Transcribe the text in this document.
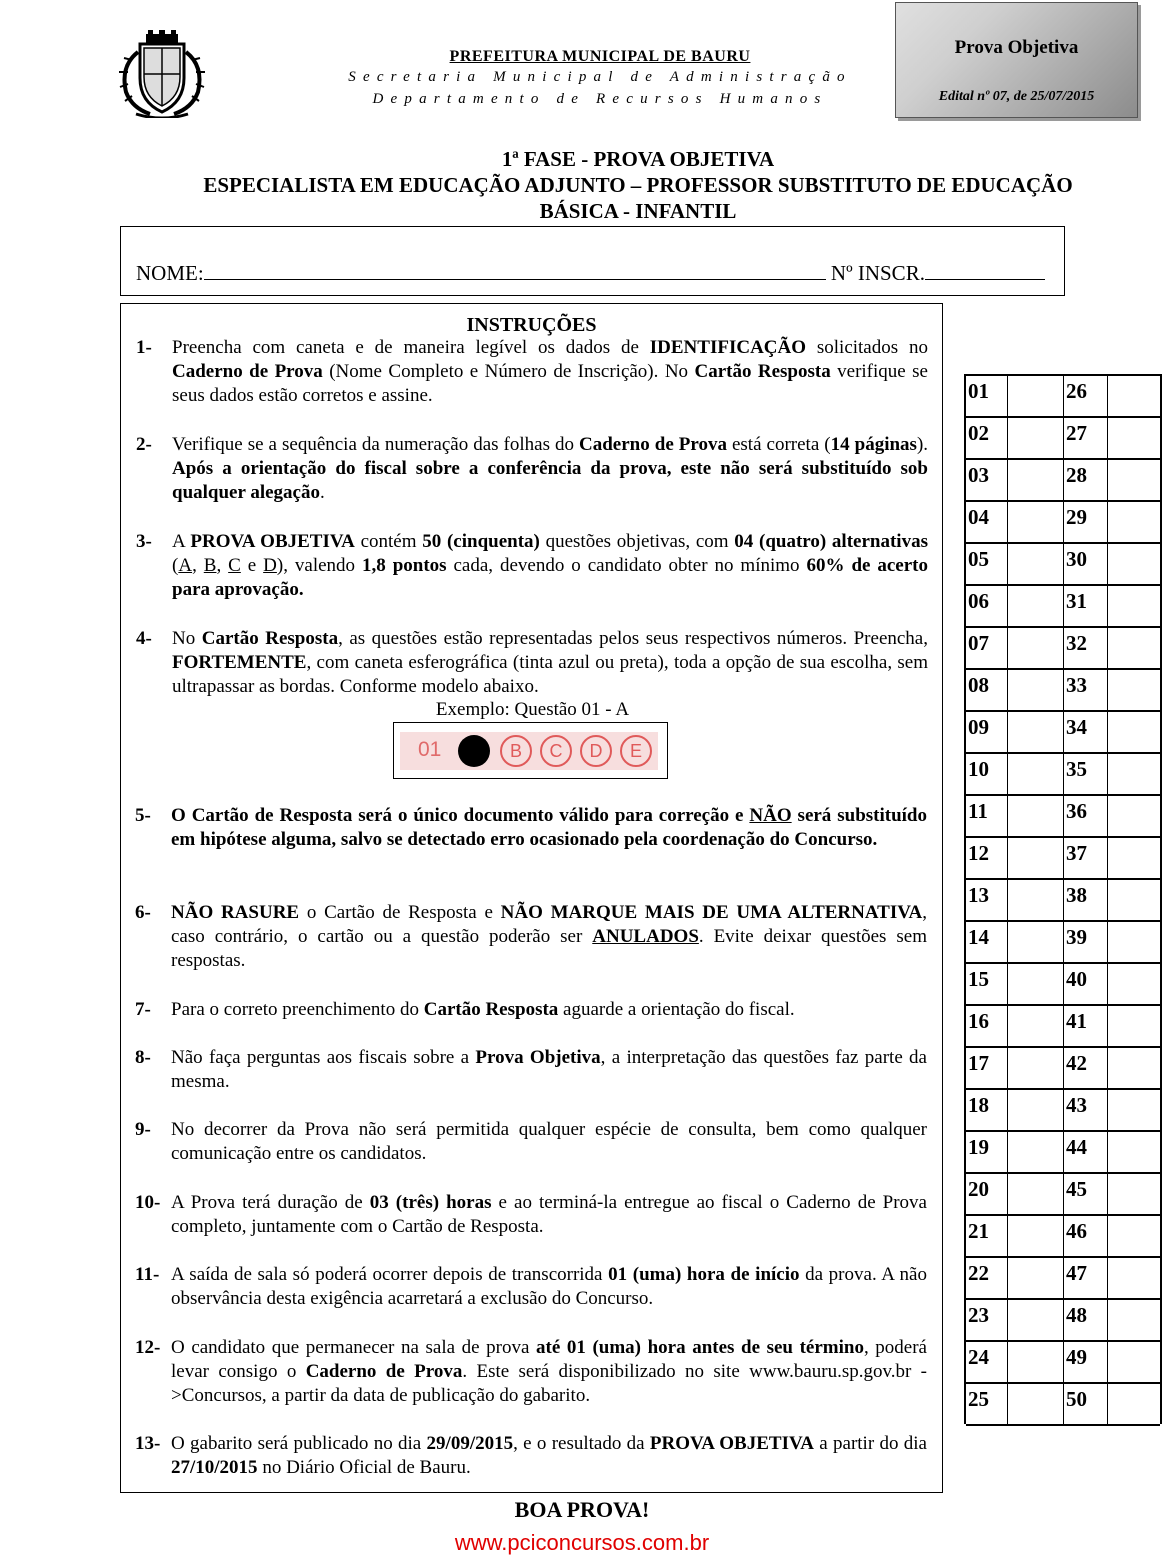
PREFEITURA MUNICIPAL DE BAURU
Secretaria Municipal de Administração
Departamento de Recursos Humanos
Prova Objetiva
Edital nº 07, de 25/07/2015
1ª FASE - PROVA OBJETIVA
ESPECIALISTA EM EDUCAÇÃO ADJUNTO – PROFESSOR SUBSTITUTO DE EDUCAÇÃO
BÁSICA - INFANTIL
NOME:	Nº INSCR.
INSTRUÇÕES
1- Preencha com caneta e de maneira legível os dados de IDENTIFICAÇÃO solicitados no Caderno de Prova (Nome Completo e Número de Inscrição). No Cartão Resposta verifique se seus dados estão corretos e assine.
2- Verifique se a sequência da numeração das folhas do Caderno de Prova está correta (14 páginas). Após a orientação do fiscal sobre a conferência da prova, este não será substituído sob qualquer alegação.
3- A PROVA OBJETIVA contém 50 (cinquenta) questões objetivas, com 04 (quatro) alternativas (A, B, C e D), valendo 1,8 pontos cada, devendo o candidato obter no mínimo 60% de acerto para aprovação.
4- No Cartão Resposta, as questões estão representadas pelos seus respectivos números. Preencha, FORTEMENTE, com caneta esferográfica (tinta azul ou preta), toda a opção de sua escolha, sem ultrapassar as bordas. Conforme modelo abaixo.
Exemplo: Questão 01 - A
01	B	C	D	E
5- O Cartão de Resposta será o único documento válido para correção e NÃO será substituído em hipótese alguma, salvo se detectado erro ocasionado pela coordenação do Concurso.
6- NÃO RASURE o Cartão de Resposta e NÃO MARQUE MAIS DE UMA ALTERNATIVA, caso contrário, o cartão ou a questão poderão ser ANULADOS. Evite deixar questões sem respostas.
7- Para o correto preenchimento do Cartão Resposta aguarde a orientação do fiscal.
8- Não faça perguntas aos fiscais sobre a Prova Objetiva, a interpretação das questões faz parte da mesma.
9- No decorrer da Prova não será permitida qualquer espécie de consulta, bem como qualquer comunicação entre os candidatos.
10- A Prova terá duração de 03 (três) horas e ao terminá-la entregue ao fiscal o Caderno de Prova completo, juntamente com o Cartão de Resposta.
11- A saída de sala só poderá ocorrer depois de transcorrida 01 (uma) hora de início da prova. A não observância desta exigência acarretará a exclusão do Concurso.
12- O candidato que permanecer na sala de prova até 01 (uma) hora antes de seu término, poderá levar consigo o Caderno de Prova. Este será disponibilizado no site www.bauru.sp.gov.br ->Concursos, a partir da data de publicação do gabarito.
13- O gabarito será publicado no dia 29/09/2015, e o resultado da PROVA OBJETIVA a partir do dia 27/10/2015 no Diário Oficial de Bauru.
01	26
02	27
03	28
04	29
05	30
06	31
07	32
08	33
09	34
10	35
11	36
12	37
13	38
14	39
15	40
16	41
17	42
18	43
19	44
20	45
21	46
22	47
23	48
24	49
25	50
BOA PROVA!
www.pciconcursos.com.br
